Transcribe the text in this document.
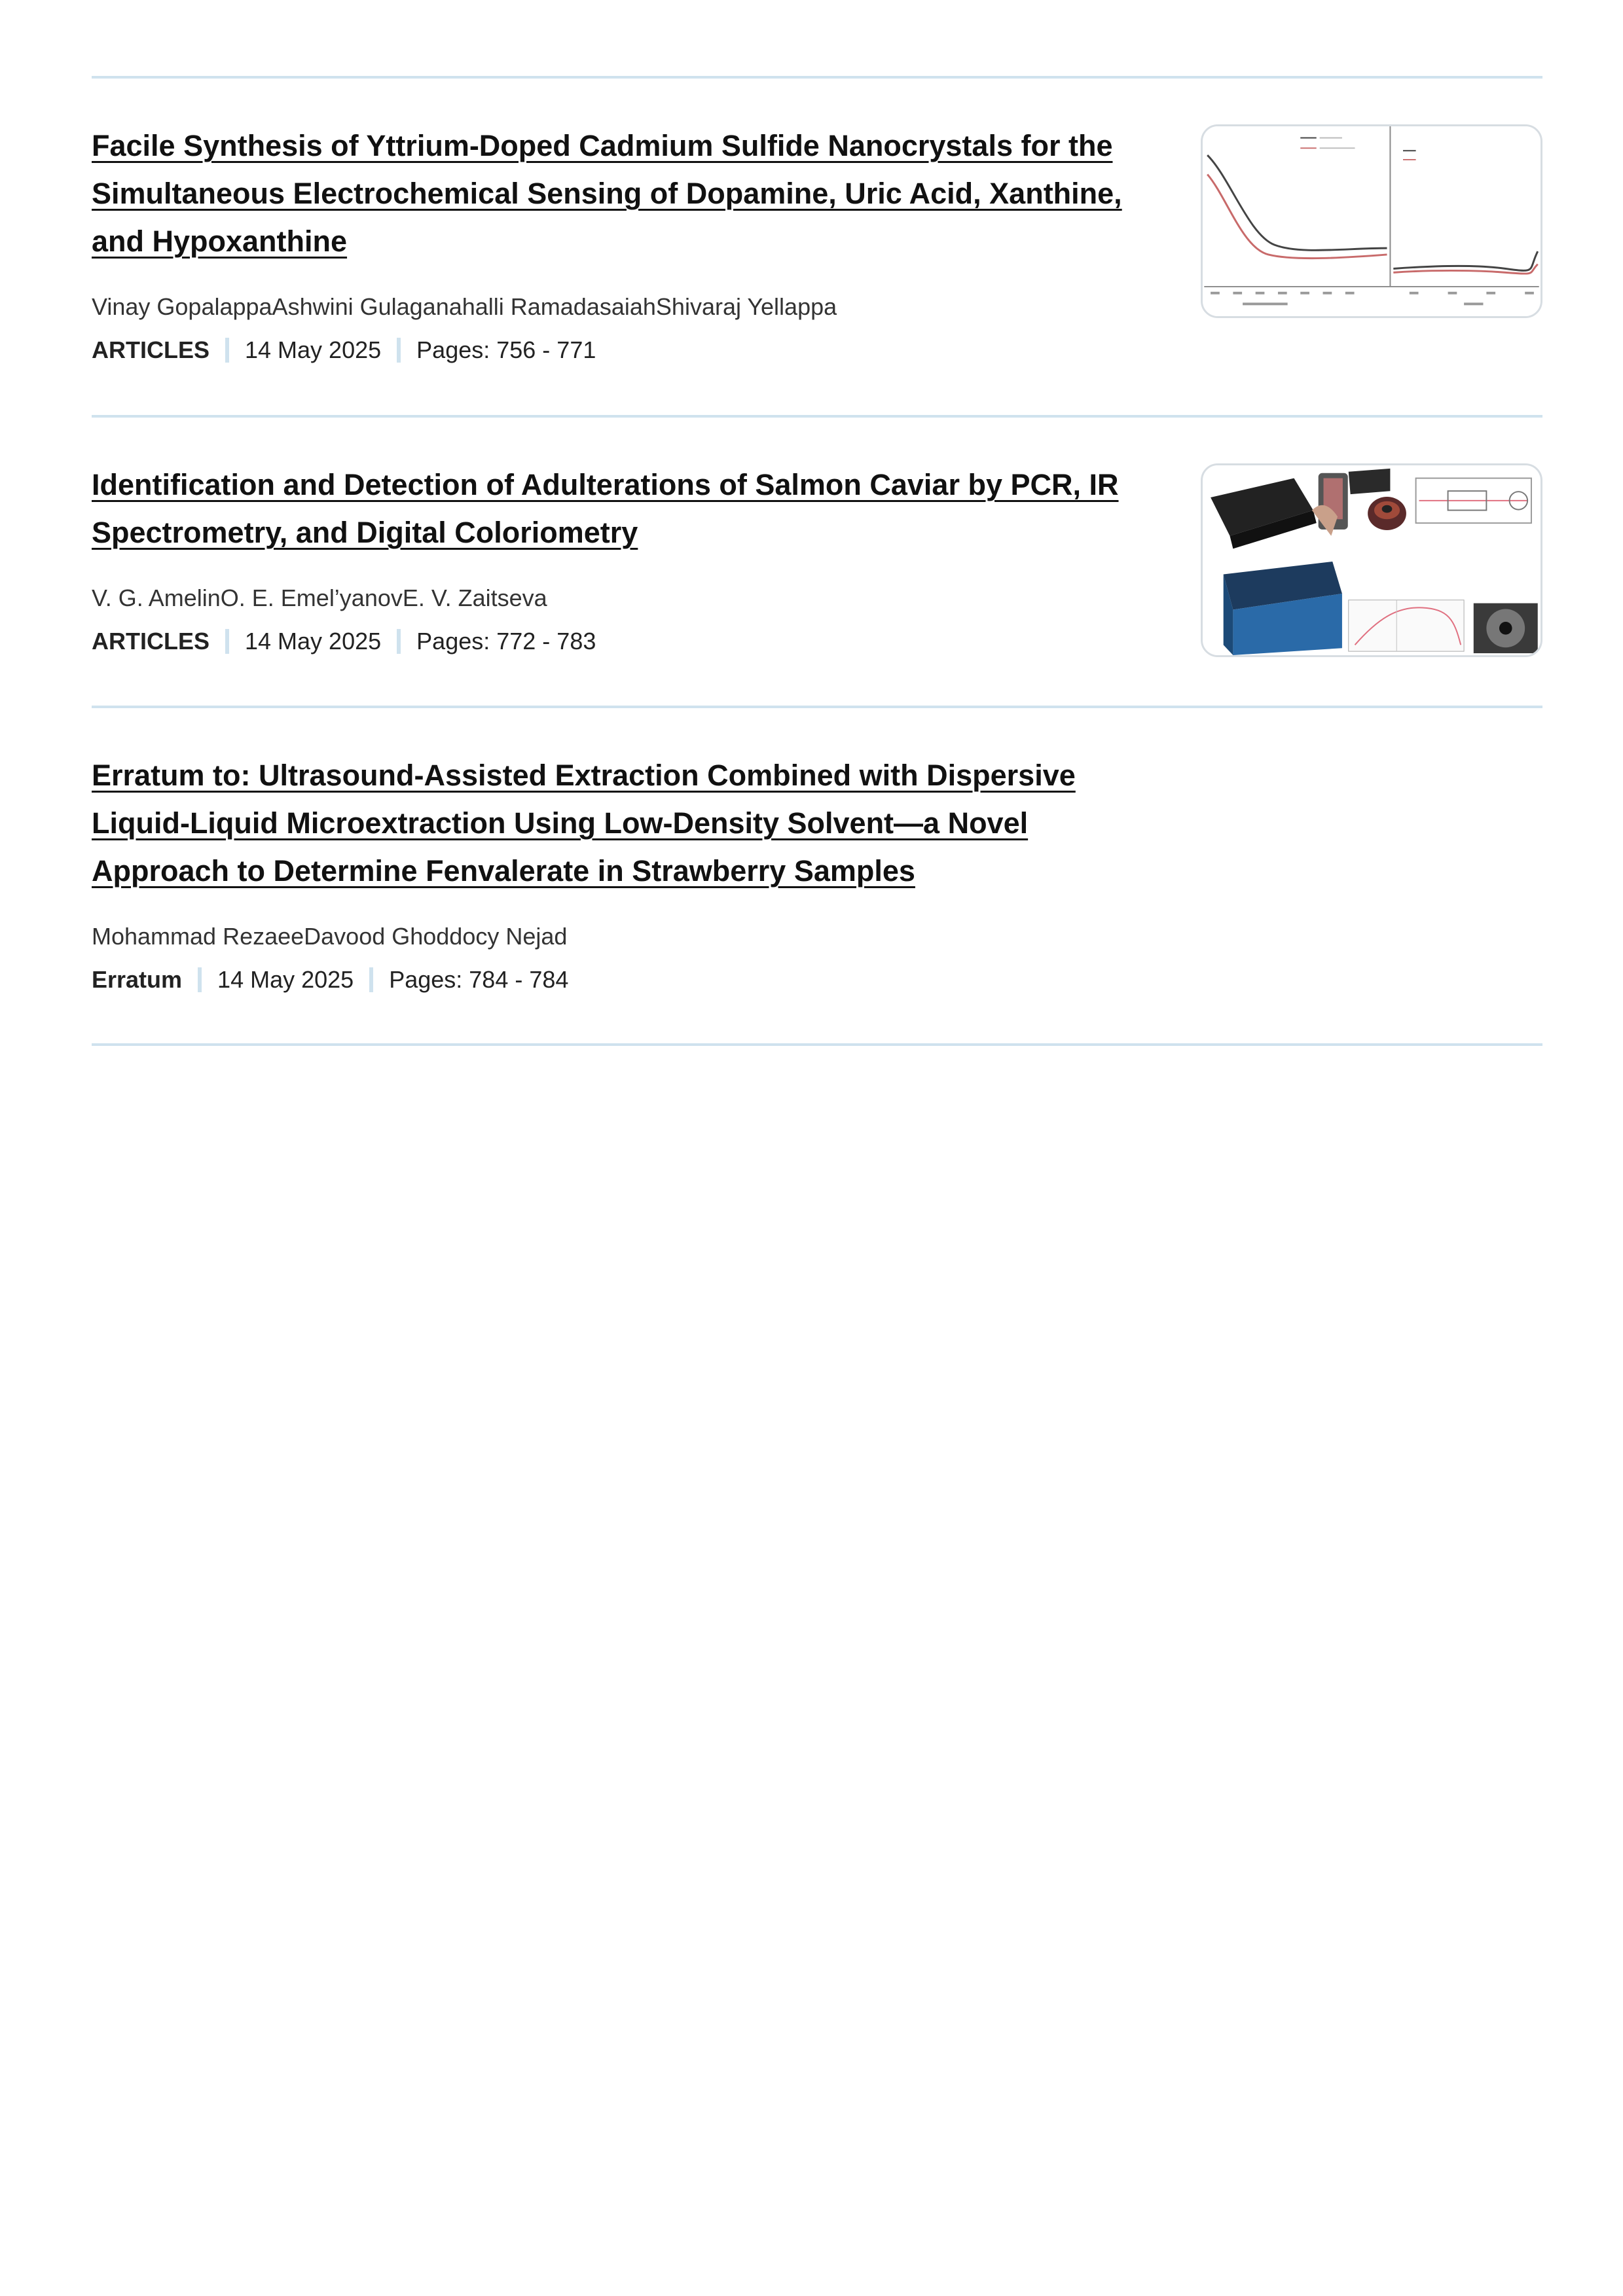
Facile Synthesis of Yttrium-Doped Cadmium Sulfide Nanocrystals for the Simultaneous Electrochemical Sensing of Dopamine, Uric Acid, Xanthine, and Hypoxanthine
Vinay GopalappaAshwini Gulaganahalli RamadasaiahShivaraj Yellappa
ARTICLES 14 May 2025 Pages: 756 - 771
Identification and Detection of Adulterations of Salmon Caviar by PCR, IR Spectrometry, and Digital Coloriometry
V. G. AmelinO. E. Emel’yanovE. V. Zaitseva
ARTICLES 14 May 2025 Pages: 772 - 783
Erratum to: Ultrasound-Assisted Extraction Combined with Dispersive Liquid-Liquid Microextraction Using Low-Density Solvent—a Novel Approach to Determine Fenvalerate in Strawberry Samples
Mohammad RezaeeDavood Ghoddocy Nejad
Erratum 14 May 2025 Pages: 784 - 784
